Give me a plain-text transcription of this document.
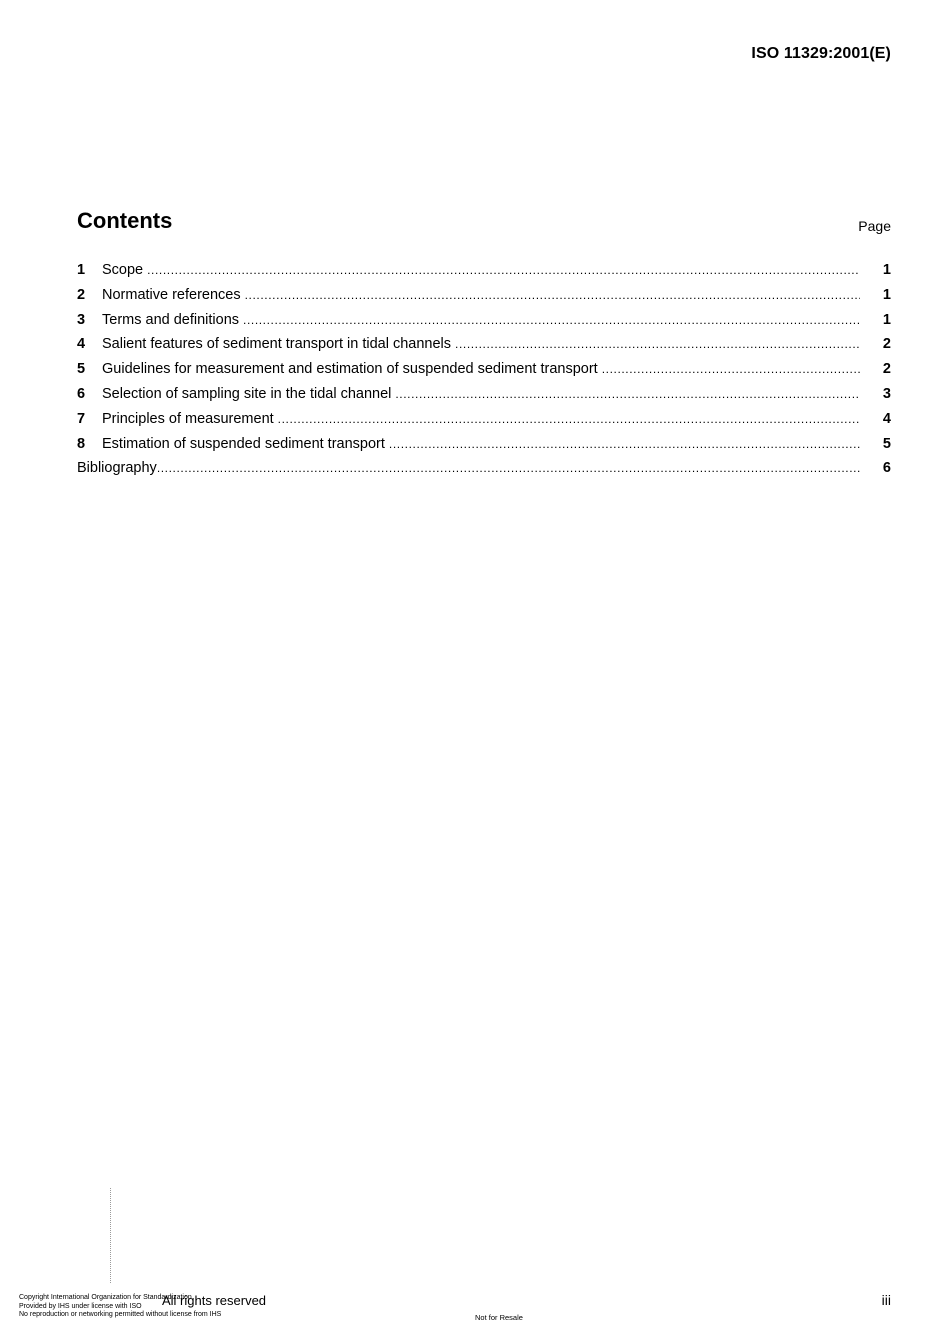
ISO 11329:2001(E)
Contents	Page
1	Scope .....	1
2	Normative references .....	1
3	Terms and definitions .....	1
4	Salient features of sediment transport in tidal channels .....	2
5	Guidelines for measurement and estimation of suspended sediment transport .....	2
6	Selection of sampling site in the tidal channel .....	3
7	Principles of measurement .....	4
8	Estimation of suspended sediment transport .....	5
Bibliography .....	6
Copyright International Organization for Standardization
Provided by IHS under license with ISO
No reproduction or networking permitted without license from IHS
All rights reserved
Not for Resale
iii
